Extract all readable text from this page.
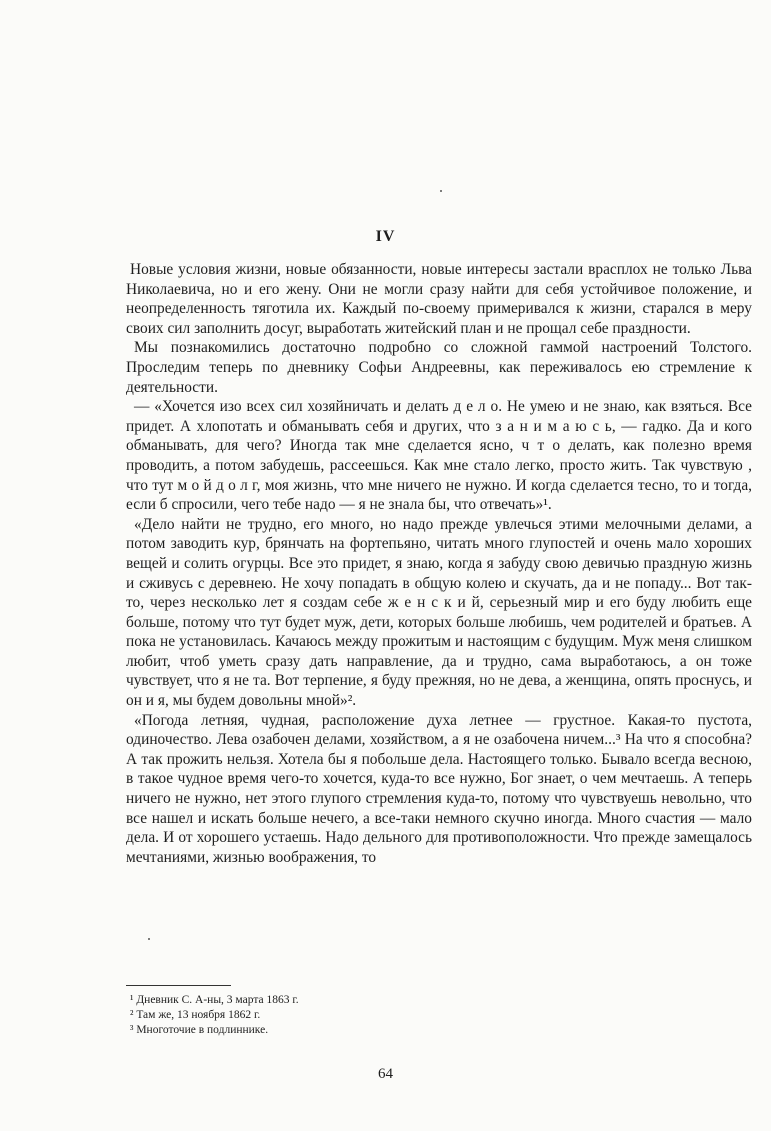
IV

Новые условия жизни, новые обязанности, новые интересы застали врасплох не только Льва Николаевича, но и его жену. Они не могли сразу найти для себя устойчивое положение, и неопределенность тяготила их. Каждый по-своему примеривался к жизни, старался в меру своих сил заполнить досуг, выработать житейский план и не прощал себе праздности.

Мы познакомились достаточно подробно со сложной гаммой настроений Толстого. Проследим теперь по дневнику Софьи Андреевны, как переживалось ею стремление к деятельности.

— «Хочется изо всех сил хозяйничать и делать д е л о. Не умею и не знаю, как взяться. Все придет. А хлопотать и обманывать себя и других, что з а н и м а ю с ь, — гадко. Да и кого обманывать, для чего? Иногда так мне сделается ясно, ч т о делать, как полезно время проводить, а потом забудешь, рассеешься. Как мне стало легко, просто жить. Так чувствую , что тут м о й д о л г, моя жизнь, что мне ничего не нужно. И когда сделается тесно, то и тогда, если б спросили, чего тебе надо — я не знала бы, что отвечать»¹.

«Дело найти не трудно, его много, но надо прежде увлечься этими мелочными делами, а потом заводить кур, брянчать на фортепьяно, читать много глупостей и очень мало хороших вещей и солить огурцы. Все это придет, я знаю, когда я забуду свою девичью праздную жизнь и сживусь с деревнею. Не хочу попадать в общую колею и скучать, да и не попаду... Вот так-то, через несколько лет я создам себе ж е н с к и й, серьезный мир и его буду любить еще больше, потому что тут будет муж, дети, которых больше любишь, чем родителей и братьев. А пока не установилась. Качаюсь между прожитым и настоящим с будущим. Муж меня слишком любит, чтоб уметь сразу дать направление, да и трудно, сама выработаюсь, а он тоже чувствует, что я не та. Вот терпение, я буду прежняя, но не дева, а женщина, опять проснусь, и он и я, мы будем довольны мной»².

«Погода летняя, чудная, расположение духа летнее — грустное. Какая-то пустота, одиночество. Лева озабочен делами, хозяйством, а я не озабочена ничем...³ На что я способна? А так прожить нельзя. Хотела бы я побольше дела. Настоящего только. Бывало всегда весною, в такое чудное время чего-то хочется, куда-то все нужно, Бог знает, о чем мечтаешь. А теперь ничего не нужно, нет этого глупого стремления куда-то, потому что чувствуешь невольно, что все нашел и искать больше нечего, а все-таки немного скучно иногда. Много счастия — мало дела. И от хорошего устаешь. Надо дельного для противоположности. Что прежде замещалось мечтаниями, жизнью воображения, то

¹ Дневник С. А-ны, 3 марта 1863 г.
² Там же, 13 ноября 1862 г.
³ Многоточие в подлиннике.
64
